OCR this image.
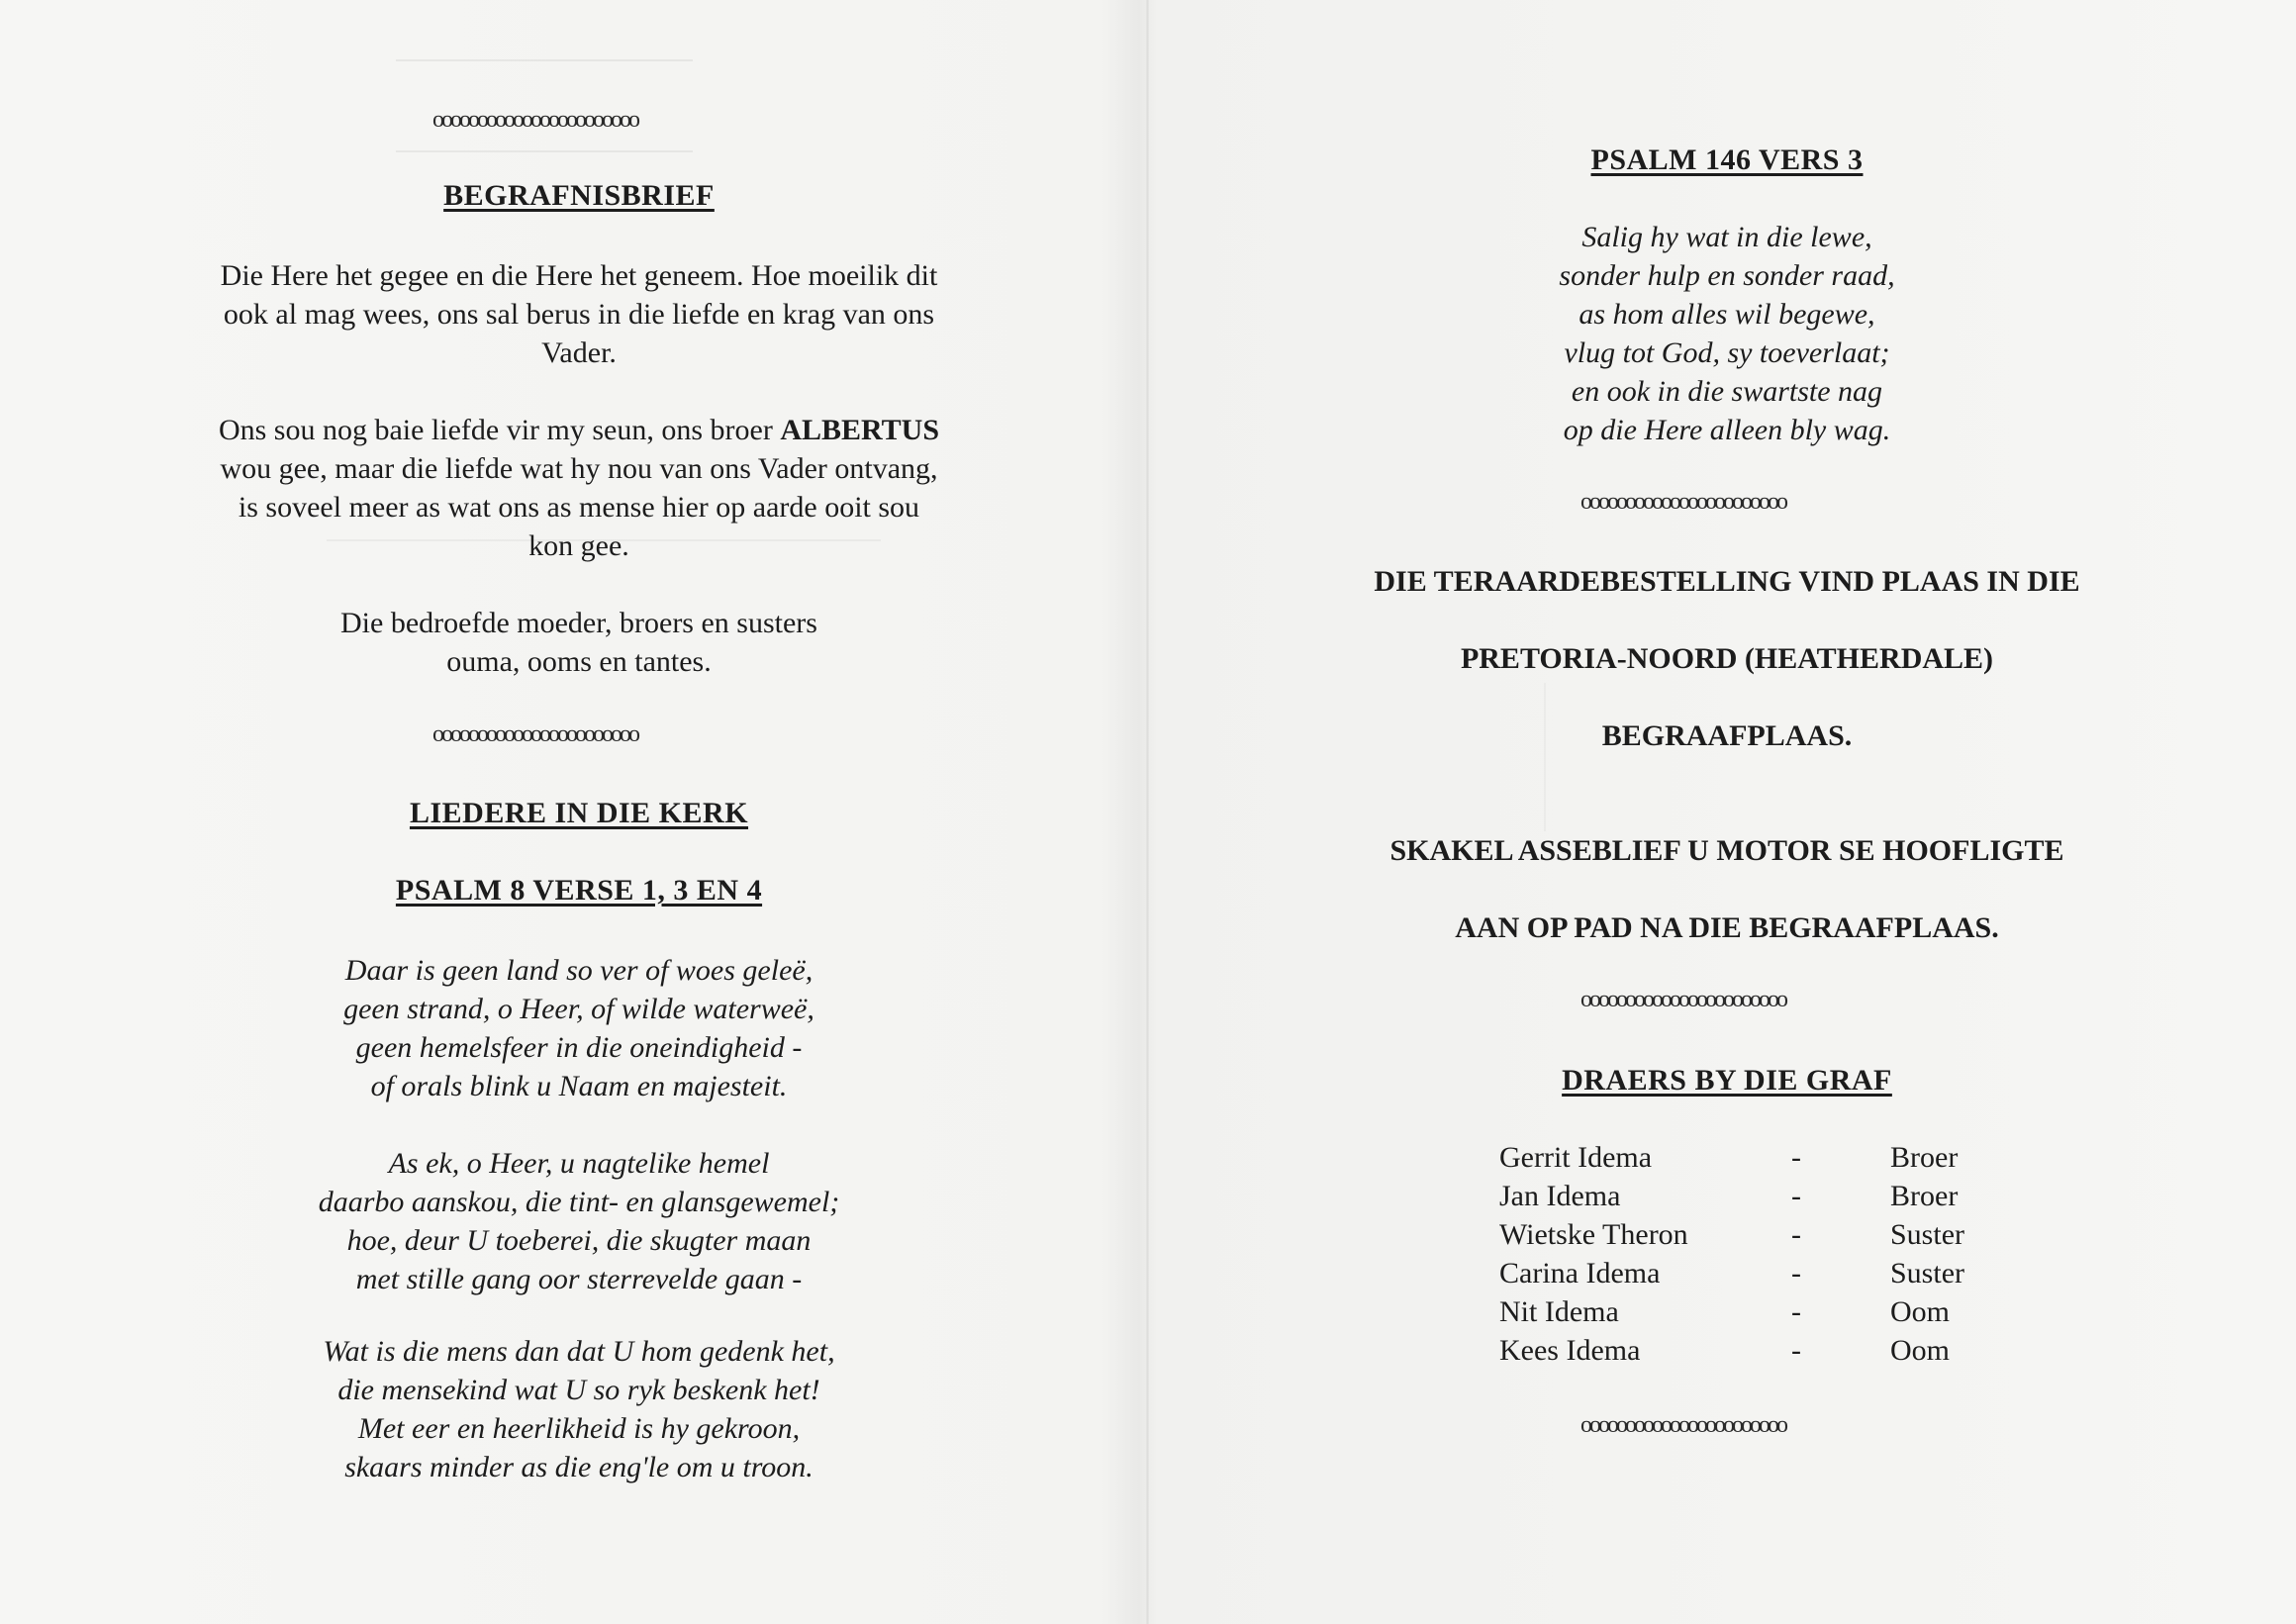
ooooooooooooooooooooooo
BEGRAFNISBRIEF
Die Here het gegee en die Here het geneem. Hoe moeilik dit
ook al mag wees, ons sal berus in die liefde en krag van ons
Vader.
Ons sou nog baie liefde vir my seun, ons broer ALBERTUS
wou gee, maar die liefde wat hy nou van ons Vader ontvang,
is soveel meer as wat ons as mense hier op aarde ooit sou
kon gee.
Die bedroefde moeder, broers en susters
ouma, ooms en tantes.
ooooooooooooooooooooooo
LIEDERE IN DIE KERK
PSALM 8 VERSE 1, 3 EN 4
Daar is geen land so ver of woes geleë,
geen strand, o Heer, of wilde waterweë,
geen hemelsfeer in die oneindigheid -
of orals blink u Naam en majesteit.
As ek, o Heer, u nagtelike hemel
daarbo aanskou, die tint- en glansgewemel;
hoe, deur U toeberei, die skugter maan
met stille gang oor sterrevelde gaan -
Wat is die mens dan dat U hom gedenk het,
die mensekind wat U so ryk beskenk het!
Met eer en heerlikheid is hy gekroon,
skaars minder as die eng'le om u troon.
PSALM 146 VERS 3
Salig hy wat in die lewe,
sonder hulp en sonder raad,
as hom alles wil begewe,
vlug tot God, sy toeverlaat;
en ook in die swartste nag
op die Here alleen bly wag.
ooooooooooooooooooooooo
DIE TERAARDEBESTELLING VIND PLAAS IN DIE
PRETORIA-NOORD (HEATHERDALE)
BEGRAAFPLAAS.
SKAKEL ASSEBLIEF U MOTOR SE HOOFLIGTE
AAN OP PAD NA DIE BEGRAAFPLAAS.
ooooooooooooooooooooooo
DRAERS BY DIE GRAF
Gerrit Idema	-	Broer
Jan Idema	-	Broer
Wietske Theron	-	Suster
Carina Idema	-	Suster
Nit Idema	-	Oom
Kees Idema	-	Oom
ooooooooooooooooooooooo
